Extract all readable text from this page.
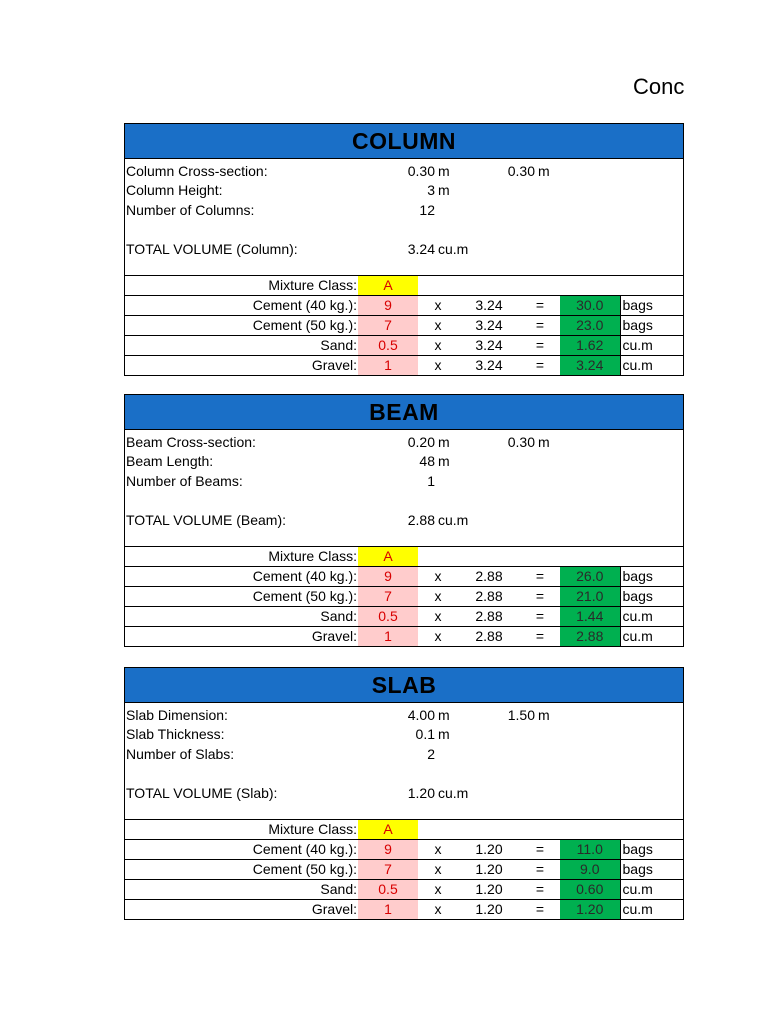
Conc
COLUMN
Column Cross-section:	0.30 m	0.30 m
Column Height:	3 m
Number of Columns:	12
TOTAL VOLUME (Column):	3.24 cu.m
Mixture Class:	A					
Cement (40 kg.):	9	x	3.24	=	30.0	bags
Cement (50 kg.):	7	x	3.24	=	23.0	bags
Sand:	0.5	x	3.24	=	1.62	cu.m
Gravel:	1	x	3.24	=	3.24	cu.m
BEAM
Beam Cross-section:	0.20 m	0.30 m
Beam Length:	48 m
Number of Beams:	1
TOTAL VOLUME (Beam):	2.88 cu.m
Mixture Class:	A					
Cement (40 kg.):	9	x	2.88	=	26.0	bags
Cement (50 kg.):	7	x	2.88	=	21.0	bags
Sand:	0.5	x	2.88	=	1.44	cu.m
Gravel:	1	x	2.88	=	2.88	cu.m
SLAB
Slab Dimension:	4.00 m	1.50 m
Slab Thickness:	0.1 m
Number of Slabs:	2
TOTAL VOLUME (Slab):	1.20 cu.m
Mixture Class:	A					
Cement (40 kg.):	9	x	1.20	=	11.0	bags
Cement (50 kg.):	7	x	1.20	=	9.0	bags
Sand:	0.5	x	1.20	=	0.60	cu.m
Gravel:	1	x	1.20	=	1.20	cu.m
